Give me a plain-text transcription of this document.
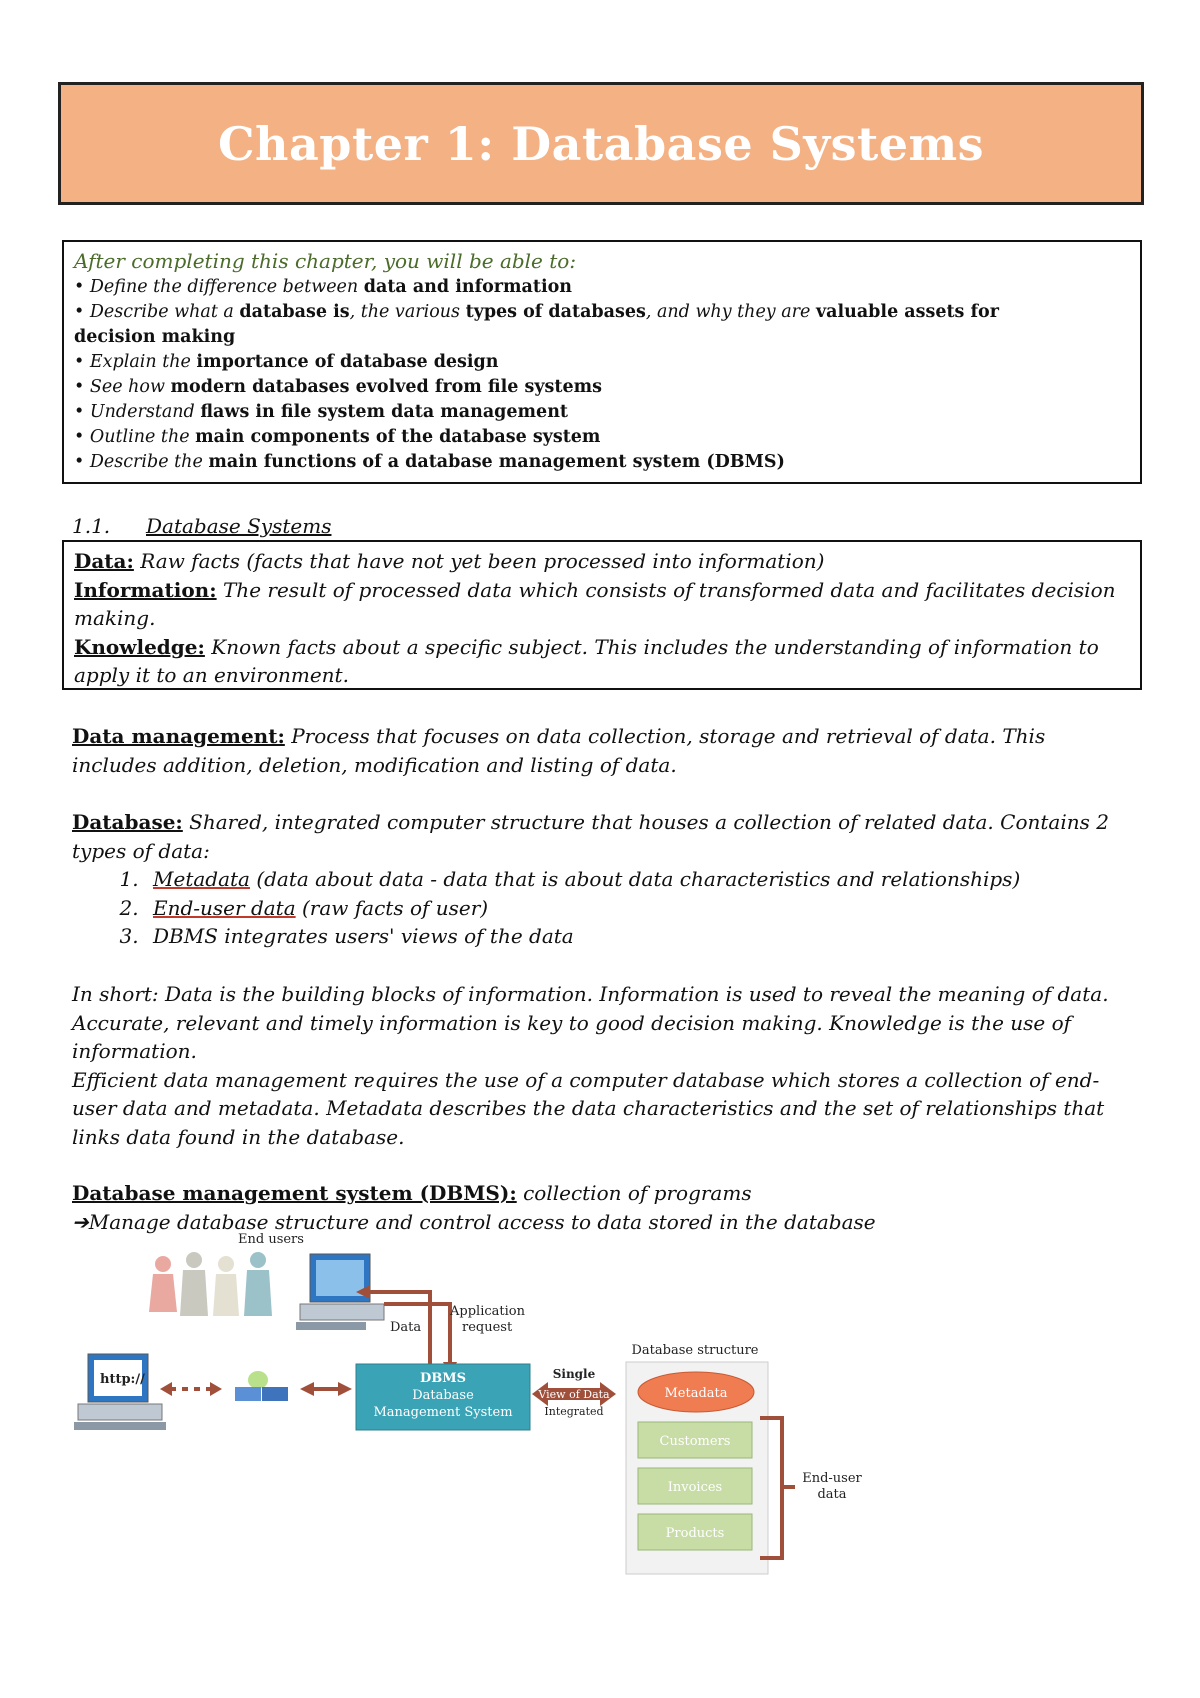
Chapter 1: Database Systems
After completing this chapter, you will be able to:
• Define the difference between data and information
• Describe what a database is, the various types of databases, and why they are valuable assets for
decision making
• Explain the importance of database design
• See how modern databases evolved from file systems
• Understand flaws in file system data management
• Outline the main components of the database system
• Describe the main functions of a database management system (DBMS)
1.1. Database Systems
Data: Raw facts (facts that have not yet been processed into information)
Information: The result of processed data which consists of transformed data and facilitates decision making.
Knowledge: Known facts about a specific subject. This includes the understanding of information to apply it to an environment.
Data management: Process that focuses on data collection, storage and retrieval of data. This includes addition, deletion, modification and listing of data.
Database: Shared, integrated computer structure that houses a collection of related data. Contains 2 types of data:
1. Metadata (data about data - data that is about data characteristics and relationships)
2. End-user data (raw facts of user)
3. DBMS integrates users' views of the data
In short: Data is the building blocks of information. Information is used to reveal the meaning of data. Accurate, relevant and timely information is key to good decision making. Knowledge is the use of information.
Efficient data management requires the use of a computer database which stores a collection of end-user data and metadata. Metadata describes the data characteristics and the set of relationships that links data found in the database.
Database management system (DBMS): collection of programs
➔Manage database structure and control access to data stored in the database
End users
Data
Application
request
http://	DBMS
Database
Management System
Single
View of Data
Integrated
Database structure
Metadata
Customers
Invoices
Products
End-user
data
